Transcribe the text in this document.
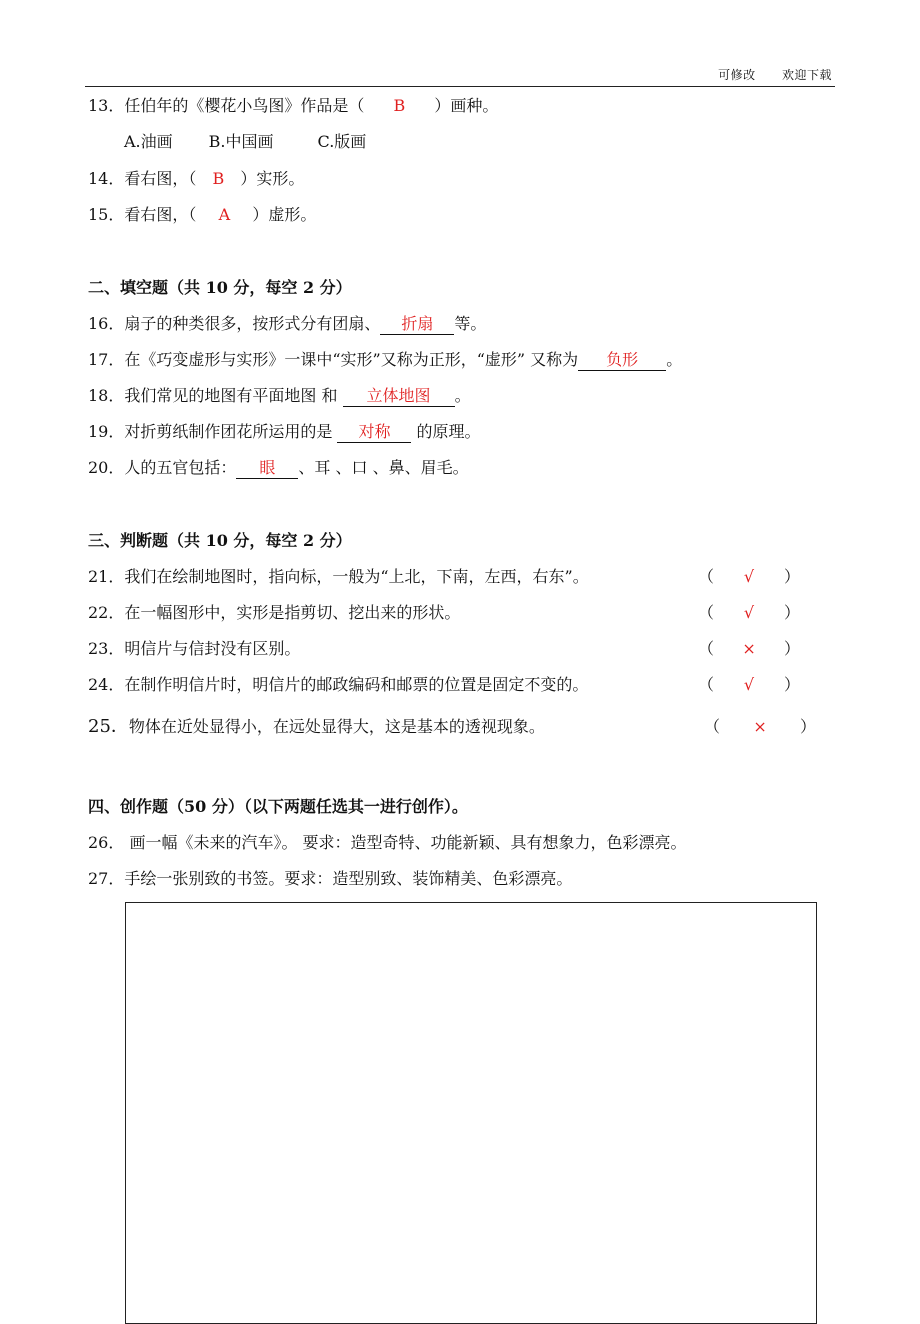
可修改 欢迎下载
13．任伯年的《樱花小鸟图》作品是（ B ）画种。
A.油画 B.中国画	C.版画
14．看右图，（ B ）实形。
15．看右图，（ A ）虚形。
二、填空题（共 10 分，每空 2 分）
16．扇子的种类很多，按形式分有团扇、 折扇 等。
17．在《巧变虚形与实形》一课中“实形”又称为正形，“虚形” 又称为 负形 。
18．我们常见的地图有平面地图 和 立体地图 。
19．对折剪纸制作团花所运用的是 对称 的原理。
20．人的五官包括： 眼 、耳 、口 、鼻、眉毛。
三、判断题（共 10 分，每空 2 分）
21．我们在绘制地图时，指向标，一般为“上北，下南，左西，右东”。	（ √ ）
22．在一幅图形中，实形是指剪切、挖出来的形状。	（ √ ）
23．明信片与信封没有区别。	（ × ）
24．在制作明信片时，明信片的邮政编码和邮票的位置是固定不变的。	（ √ ）
25．物体在近处显得小，在远处显得大，这是基本的透视现象。	（ × ）
四、创作题（50 分）（以下两题任选其一进行创作）。
26． 画一幅《未来的汽车》。 要求：造型奇特、功能新颖、具有想象力，色彩漂亮。
27．手绘一张别致的书签。要求：造型别致、装饰精美、色彩漂亮。
